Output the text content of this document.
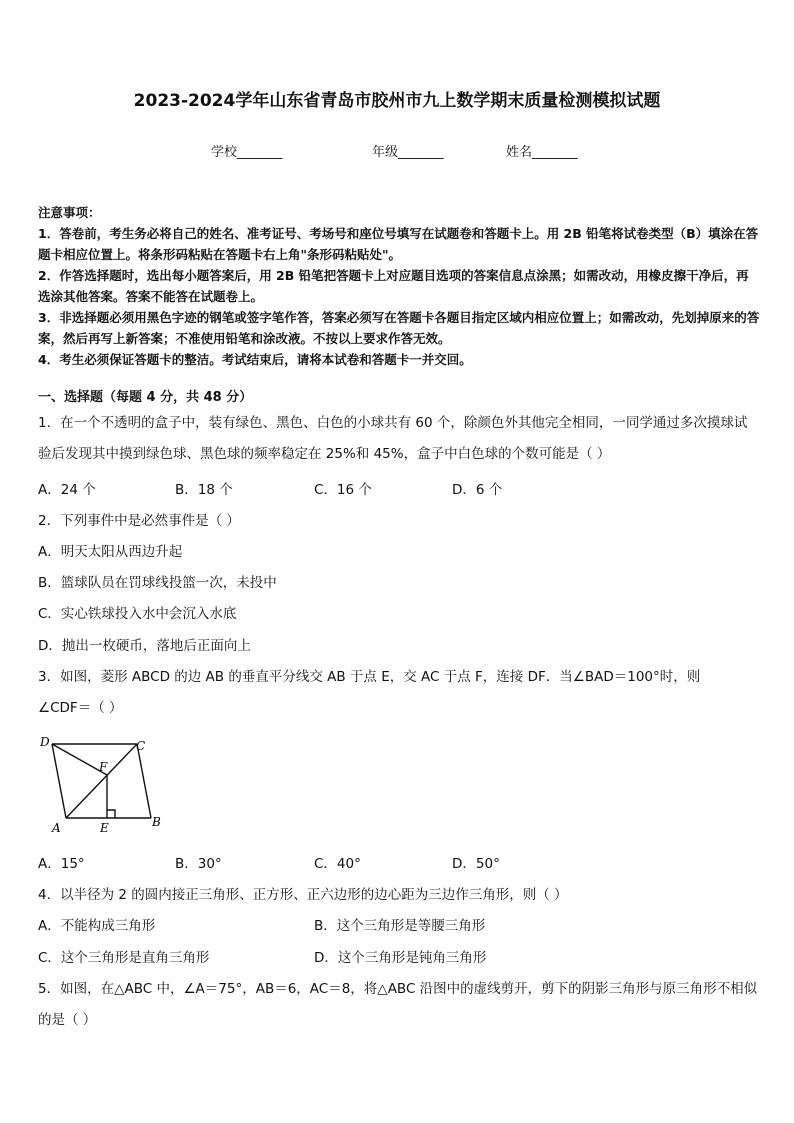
2023-2024学年山东省青岛市胶州市九上数学期末质量检测模拟试题
学校_______	年级_______	姓名_______
注意事项：
1．答卷前，考生务必将自己的姓名、准考证号、考场号和座位号填写在试题卷和答题卡上。用 2B 铅笔将试卷类型（B）填涂在答题卡相应位置上。将条形码粘贴在答题卡右上角"条形码粘贴处"。
2．作答选择题时，选出每小题答案后，用 2B 铅笔把答题卡上对应题目选项的答案信息点涂黑；如需改动，用橡皮擦干净后，再选涂其他答案。答案不能答在试题卷上。
3．非选择题必须用黑色字迹的钢笔或签字笔作答，答案必须写在答题卡各题目指定区域内相应位置上；如需改动，先划掉原来的答案，然后再写上新答案；不准使用铅笔和涂改液。不按以上要求作答无效。
4．考生必须保证答题卡的整洁。考试结束后，请将本试卷和答题卡一并交回。
一、选择题（每题 4 分，共 48 分）
1．在一个不透明的盒子中，装有绿色、黑色、白色的小球共有 60 个，除颜色外其他完全相同，一同学通过多次摸球试验后发现其中摸到绿色球、黑色球的频率稳定在 25%和 45%，盒子中白色球的个数可能是（ ）
A．24 个	B．18 个	C．16 个	D．6 个
2．下列事件中是必然事件是（ ）
A．明天太阳从西边升起
B．篮球队员在罚球线投篮一次，未投中
C．实心铁球投入水中会沉入水底
D．抛出一枚硬币，落地后正面向上
3．如图，菱形 ABCD 的边 AB 的垂直平分线交 AB 于点 E，交 AC 于点 F，连接 DF．当∠BAD＝100°时，则
∠CDF＝（ ）
D	C
F
A	E	B
A．15°	B．30°	C．40°	D．50°
4．以半径为 2 的圆内接正三角形、正方形、正六边形的边心距为三边作三角形，则（ ）
A．不能构成三角形	B．这个三角形是等腰三角形
C．这个三角形是直角三角形	D．这个三角形是钝角三角形
5．如图，在△ABC 中，∠A＝75°，AB＝6，AC＝8，将△ABC 沿图中的虚线剪开，剪下的阴影三角形与原三角形不相似
的是（ ）
